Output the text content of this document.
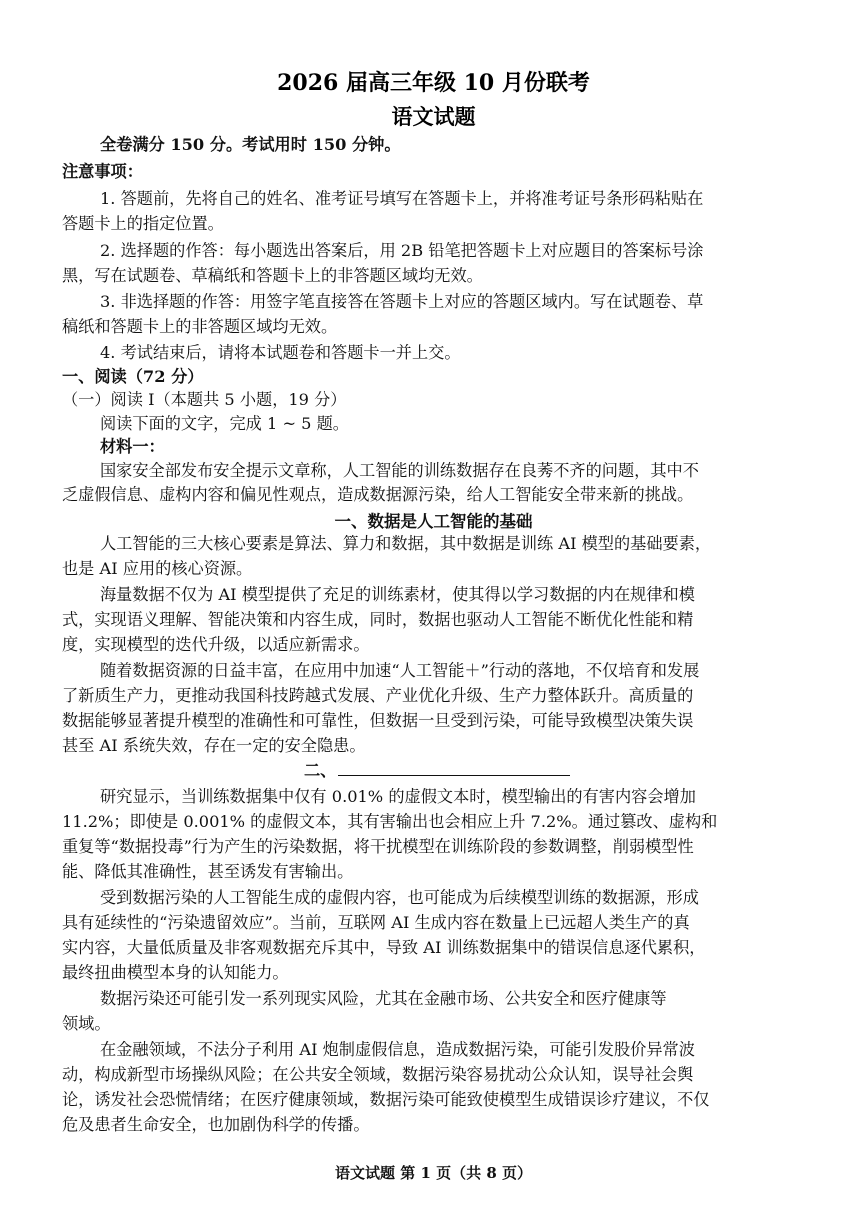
2026 届高三年级 10 月份联考
语文试题
全卷满分 150 分。考试用时 150 分钟。
注意事项：
1. 答题前，先将自己的姓名、准考证号填写在答题卡上，并将准考证号条形码粘贴在
答题卡上的指定位置。
2. 选择题的作答：每小题选出答案后，用 2B 铅笔把答题卡上对应题目的答案标号涂
黑，写在试题卷、草稿纸和答题卡上的非答题区域均无效。
3. 非选择题的作答：用签字笔直接答在答题卡上对应的答题区域内。写在试题卷、草
稿纸和答题卡上的非答题区域均无效。
4. 考试结束后，请将本试题卷和答题卡一并上交。
一、阅读（72 分）
（一）阅读 I（本题共 5 小题，19 分）
阅读下面的文字，完成 1 ~ 5 题。
材料一：
国家安全部发布安全提示文章称，人工智能的训练数据存在良莠不齐的问题，其中不
乏虚假信息、虚构内容和偏见性观点，造成数据源污染，给人工智能安全带来新的挑战。
一、数据是人工智能的基础
人工智能的三大核心要素是算法、算力和数据，其中数据是训练 AI 模型的基础要素，
也是 AI 应用的核心资源。
海量数据不仅为 AI 模型提供了充足的训练素材，使其得以学习数据的内在规律和模
式，实现语义理解、智能决策和内容生成，同时，数据也驱动人工智能不断优化性能和精
度，实现模型的迭代升级，以适应新需求。
随着数据资源的日益丰富，在应用中加速“人工智能＋”行动的落地，不仅培育和发展
了新质生产力，更推动我国科技跨越式发展、产业优化升级、生产力整体跃升。高质量的
数据能够显著提升模型的准确性和可靠性，但数据一旦受到污染，可能导致模型决策失误
甚至 AI 系统失效，存在一定的安全隐患。
二、
研究显示，当训练数据集中仅有 0.01% 的虚假文本时，模型输出的有害内容会增加
11.2%；即使是 0.001% 的虚假文本，其有害输出也会相应上升 7.2%。通过篡改、虚构和
重复等“数据投毒”行为产生的污染数据，将干扰模型在训练阶段的参数调整，削弱模型性
能、降低其准确性，甚至诱发有害输出。
受到数据污染的人工智能生成的虚假内容，也可能成为后续模型训练的数据源，形成
具有延续性的“污染遗留效应”。当前，互联网 AI 生成内容在数量上已远超人类生产的真
实内容，大量低质量及非客观数据充斥其中，导致 AI 训练数据集中的错误信息逐代累积，
最终扭曲模型本身的认知能力。
数据污染还可能引发一系列现实风险，尤其在金融市场、公共安全和医疗健康等
领域。
在金融领域，不法分子利用 AI 炮制虚假信息，造成数据污染，可能引发股价异常波
动，构成新型市场操纵风险；在公共安全领域，数据污染容易扰动公众认知，误导社会舆
论，诱发社会恐慌情绪；在医疗健康领域，数据污染可能致使模型生成错误诊疗建议，不仅
危及患者生命安全，也加剧伪科学的传播。
语文试题 第 1 页（共 8 页）
